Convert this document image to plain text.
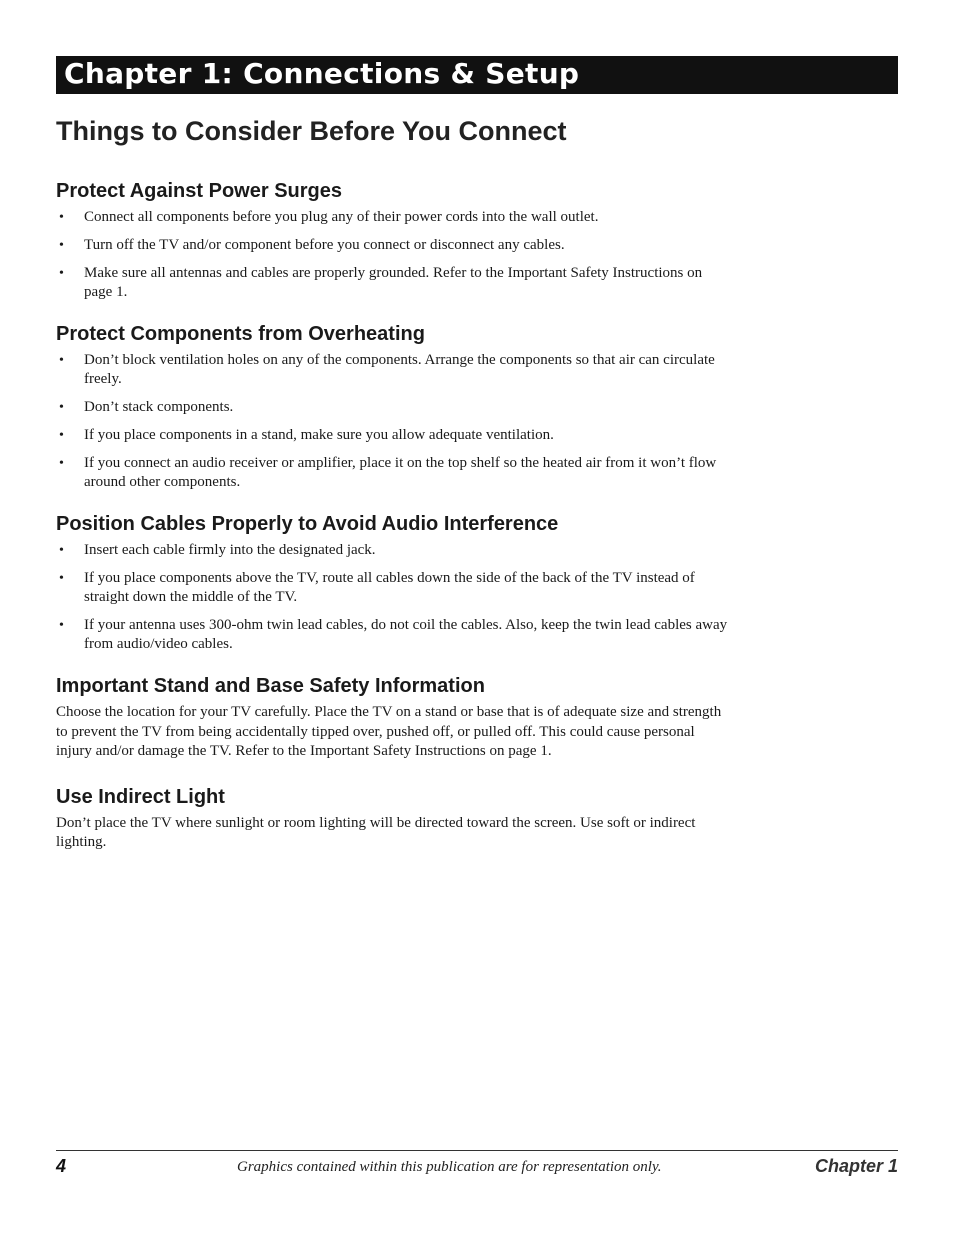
Chapter 1: Connections & Setup
Things to Consider Before You Connect
Protect Against Power Surges
• Connect all components before you plug any of their power cords into the wall outlet.
• Turn off the TV and/or component before you connect or disconnect any cables.
• Make sure all antennas and cables are properly grounded. Refer to the Important Safety Instructions on page 1.
Protect Components from Overheating
• Don’t block ventilation holes on any of the components. Arrange the components so that air can circulate freely.
• Don’t stack components.
• If you place components in a stand, make sure you allow adequate ventilation.
• If you connect an audio receiver or amplifier, place it on the top shelf so the heated air from it won’t flow around other components.
Position Cables Properly to Avoid Audio Interference
• Insert each cable firmly into the designated jack.
• If you place components above the TV, route all cables down the side of the back of the TV instead of straight down the middle of the TV.
• If your antenna uses 300-ohm twin lead cables, do not coil the cables. Also, keep the twin lead cables away from audio/video cables.
Important Stand and Base Safety Information

Choose the location for your TV carefully. Place the TV on a stand or base that is of adequate size and strength to prevent the TV from being accidentally tipped over, pushed off, or pulled off. This could cause personal injury and/or damage the TV. Refer to the Important Safety Instructions on page 1.

Use Indirect Light

Don’t place the TV where sunlight or room lighting will be directed toward the screen. Use soft or indirect lighting.

4	Graphics contained within this publication are for representation only.	Chapter 1
